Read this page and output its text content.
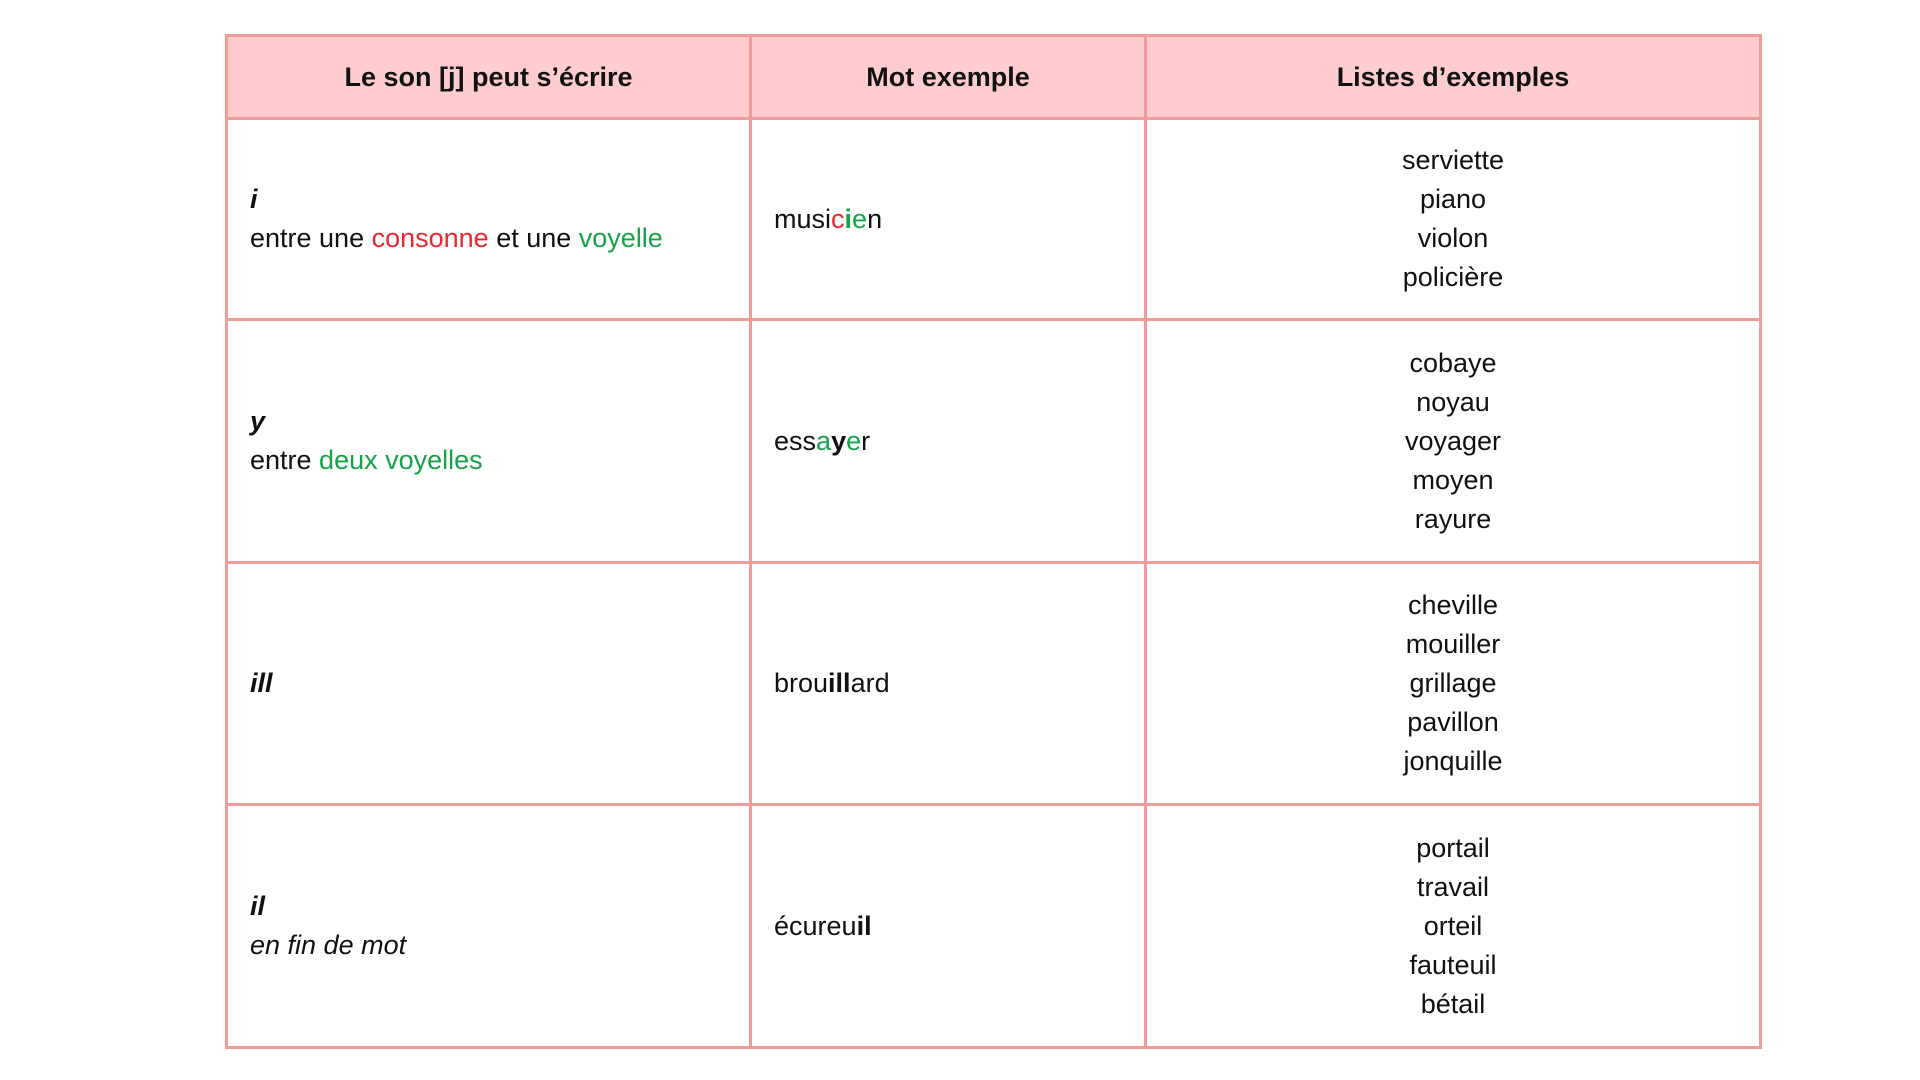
Le son [j] peut s’écrire	Mot exemple	Listes d’exemples

i
entre une consonne et une voyelle	musicien	serviette
piano
violon
policière

y
entre deux voyelles	essayer	cobaye
noyau
voyager
moyen
rayure

ill	brouillard	cheville
mouiller
grillage
pavillon
jonquille

il
en fin de mot	écureuil	portail
travail
orteil
fauteuil
bétail
